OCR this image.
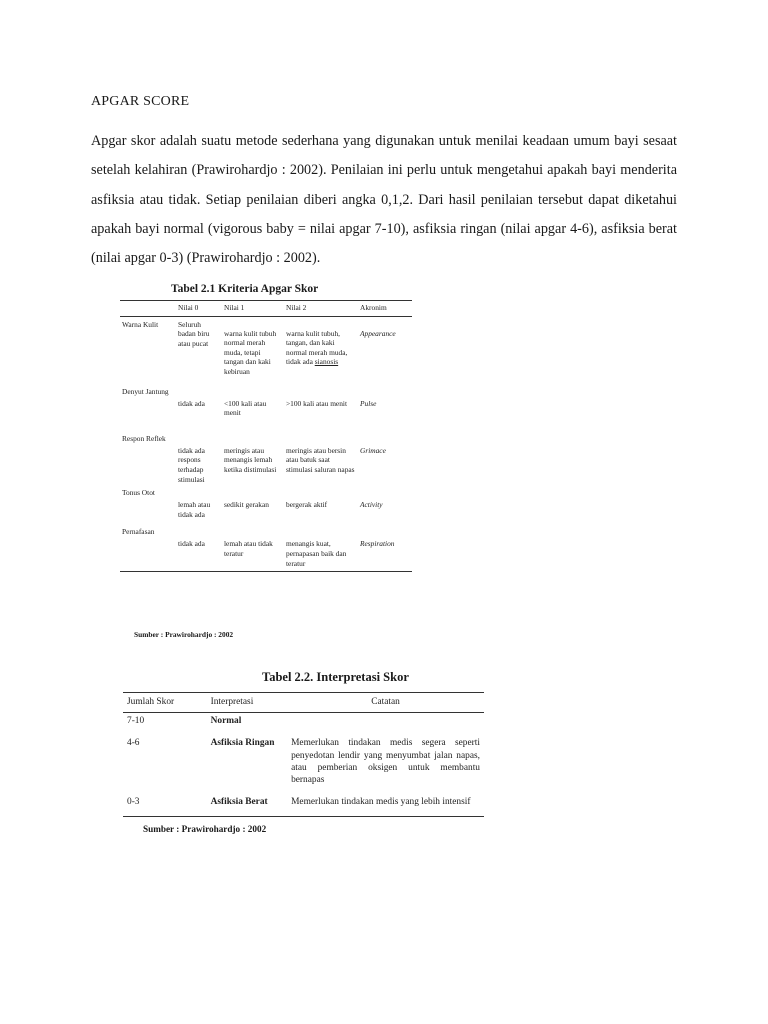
APGAR SCORE

Apgar skor adalah suatu metode sederhana yang digunakan untuk menilai keadaan umum bayi sesaat setelah kelahiran (Prawirohardjo : 2002). Penilaian ini perlu untuk mengetahui apakah bayi menderita asfiksia atau tidak. Setiap penilaian diberi angka 0,1,2. Dari hasil penilaian tersebut dapat diketahui apakah bayi normal (vigorous baby = nilai apgar 7-10), asfiksia ringan (nilai apgar 4-6), asfiksia berat (nilai apgar 0-3) (Prawirohardjo : 2002).

Tabel 2.1 Kriteria Apgar Skor

	Nilai 0	Nilai 1	Nilai 2	Akronim
Warna Kulit	Seluruh badan biru atau pucat	warna kulit tubuh normal merah muda, tetapi tangan dan kaki kebiruan	warna kulit tubuh, tangan, dan kaki normal merah muda, tidak ada sianosis	Appearance
Denyut Jantung	tidak ada	<100 kali atau menit	>100 kali atau menit	Pulse
Respon Reflek	tidak ada respons terhadap stimulasi	meringis atau menangis lemah ketika distimulasi	meringis atau bersin atau batuk saat stimulasi saluran napas	Grimace
Tonus Otot	lemah atau tidak ada	sedikit gerakan	bergerak aktif	Activity
Pernafasan	tidak ada	lemah atau tidak teratur	menangis kuat, pernapasan baik dan teratur	Respiration

Sumber : Prawirohardjo : 2002

Tabel 2.2. Interpretasi Skor

Jumlah Skor	Interpretasi	Catatan
7-10	Normal	
4-6	Asfiksia Ringan	Memerlukan tindakan medis segera seperti penyedotan lendir yang menyumbat jalan napas, atau pemberian oksigen untuk membantu bernapas
0-3	Asfiksia Berat	Memerlukan tindakan medis yang lebih intensif

Sumber : Prawirohardjo : 2002
